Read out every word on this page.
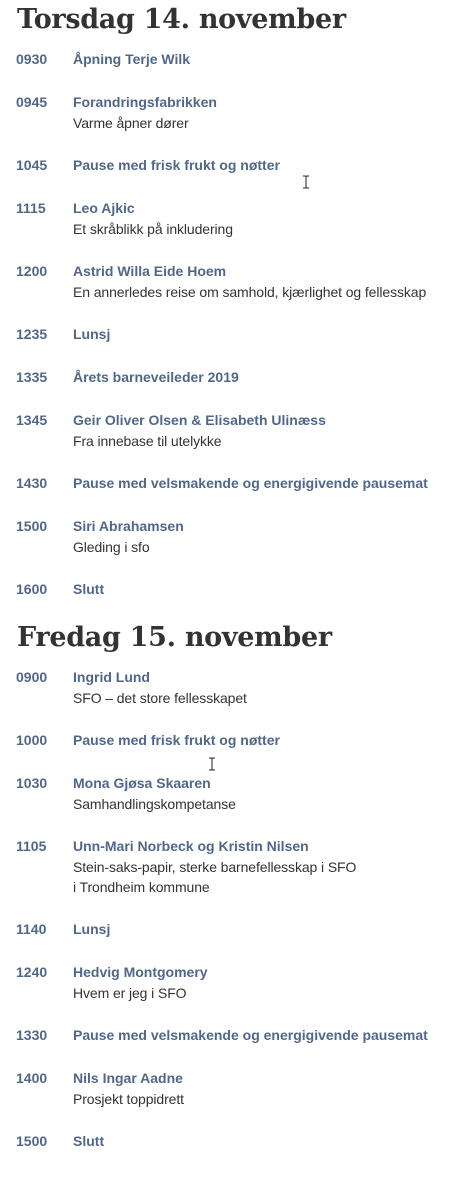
Torsdag 14. november
0930	Åpning Terje Wilk
0945	Forandringsfabrikken
Varme åpner dører
1045	Pause med frisk frukt og nøtter
1115	Leo Ajkic
Et skråblikk på inkludering
1200	Astrid Willa Eide Hoem
En annerledes reise om samhold, kjærlighet og fellesskap
1235	Lunsj
1335	Årets barneveileder 2019
1345	Geir Oliver Olsen & Elisabeth Ulinæss
Fra innebase til utelykke
1430	Pause med velsmakende og energigivende pausemat
1500	Siri Abrahamsen
Gleding i sfo
1600	Slutt
Fredag 15. november
0900	Ingrid Lund
SFO – det store fellesskapet
1000	Pause med frisk frukt og nøtter
1030	Mona Gjøsa Skaaren
Samhandlingskompetanse
1105	Unn-Mari Norbeck og Kristin Nilsen
Stein-saks-papir, sterke barnefellesskap i SFO
i Trondheim kommune
1140	Lunsj
1240	Hedvig Montgomery
Hvem er jeg i SFO
1330	Pause med velsmakende og energigivende pausemat
1400	Nils Ingar Aadne
Prosjekt toppidrett
1500	Slutt
